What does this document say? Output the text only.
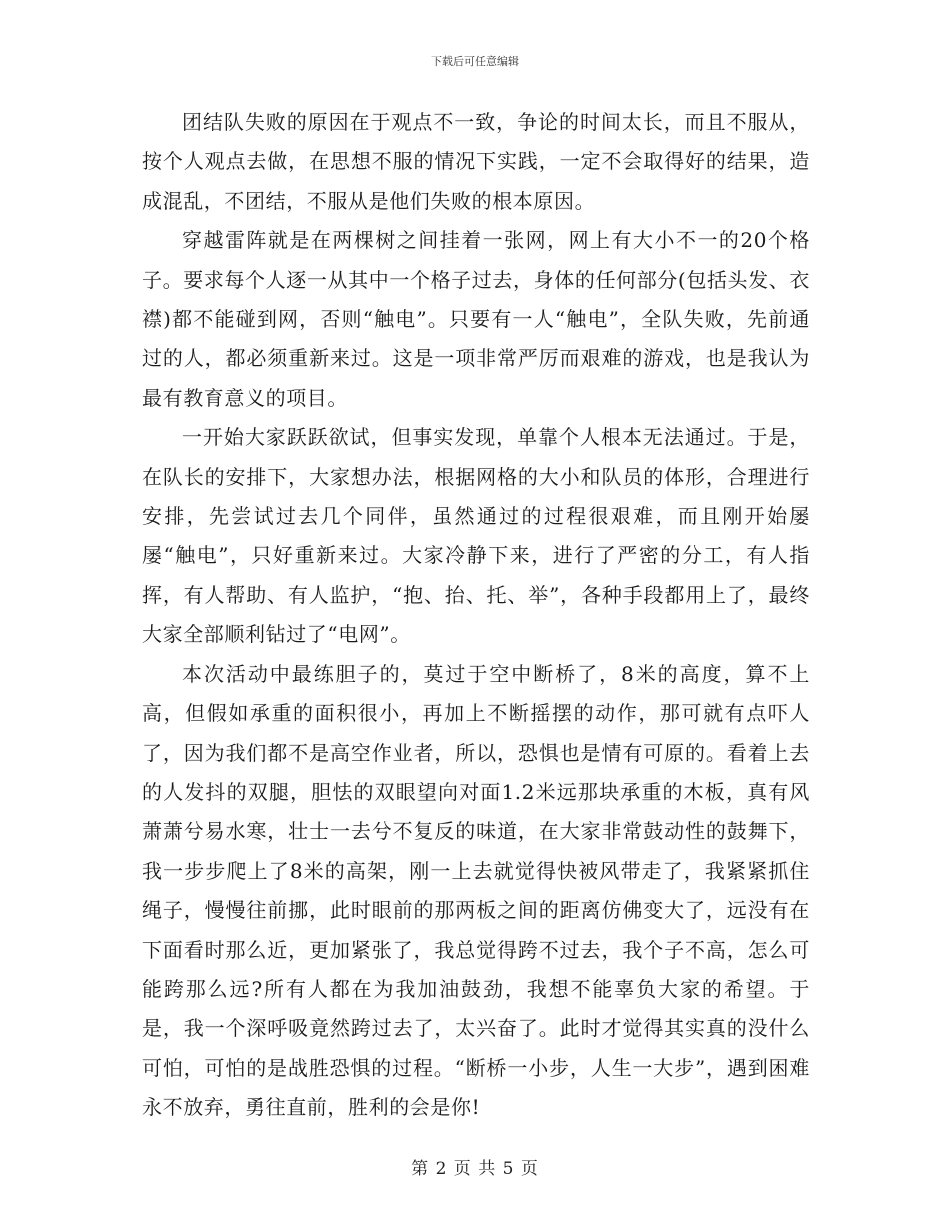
下载后可任意编辑

团结队失败的原因在于观点不一致，争论的时间太长，而且不服从，按个人观点去做，在思想不服的情况下实践，一定不会取得好的结果，造成混乱，不团结，不服从是他们失败的根本原因。

穿越雷阵就是在两棵树之间挂着一张网，网上有大小不一的20个格子。要求每个人逐一从其中一个格子过去，身体的任何部分(包括头发、衣襟)都不能碰到网，否则“触电”。只要有一人“触电”，全队失败，先前通过的人，都必须重新来过。这是一项非常严厉而艰难的游戏，也是我认为最有教育意义的项目。

一开始大家跃跃欲试，但事实发现，单靠个人根本无法通过。于是，在队长的安排下，大家想办法，根据网格的大小和队员的体形，合理进行安排，先尝试过去几个同伴，虽然通过的过程很艰难，而且刚开始屡屡“触电”，只好重新来过。大家冷静下来，进行了严密的分工，有人指挥，有人帮助、有人监护，“抱、抬、托、举”，各种手段都用上了，最终大家全部顺利钻过了“电网”。

本次活动中最练胆子的，莫过于空中断桥了，8米的高度，算不上高，但假如承重的面积很小，再加上不断摇摆的动作，那可就有点吓人了，因为我们都不是高空作业者，所以，恐惧也是情有可原的。看着上去的人发抖的双腿，胆怯的双眼望向对面1.2米远那块承重的木板，真有风萧萧兮易水寒，壮士一去兮不复反的味道，在大家非常鼓动性的鼓舞下，我一步步爬上了8米的高架，刚一上去就觉得快被风带走了，我紧紧抓住绳子，慢慢往前挪，此时眼前的那两板之间的距离仿佛变大了，远没有在下面看时那么近，更加紧张了，我总觉得跨不过去，我个子不高，怎么可能跨那么远?所有人都在为我加油鼓劲，我想不能辜负大家的希望。于是，我一个深呼吸竟然跨过去了，太兴奋了。此时才觉得其实真的没什么可怕，可怕的是战胜恐惧的过程。“断桥一小步，人生一大步”，遇到困难永不放弃，勇往直前，胜利的会是你!

第 2 页 共 5 页
